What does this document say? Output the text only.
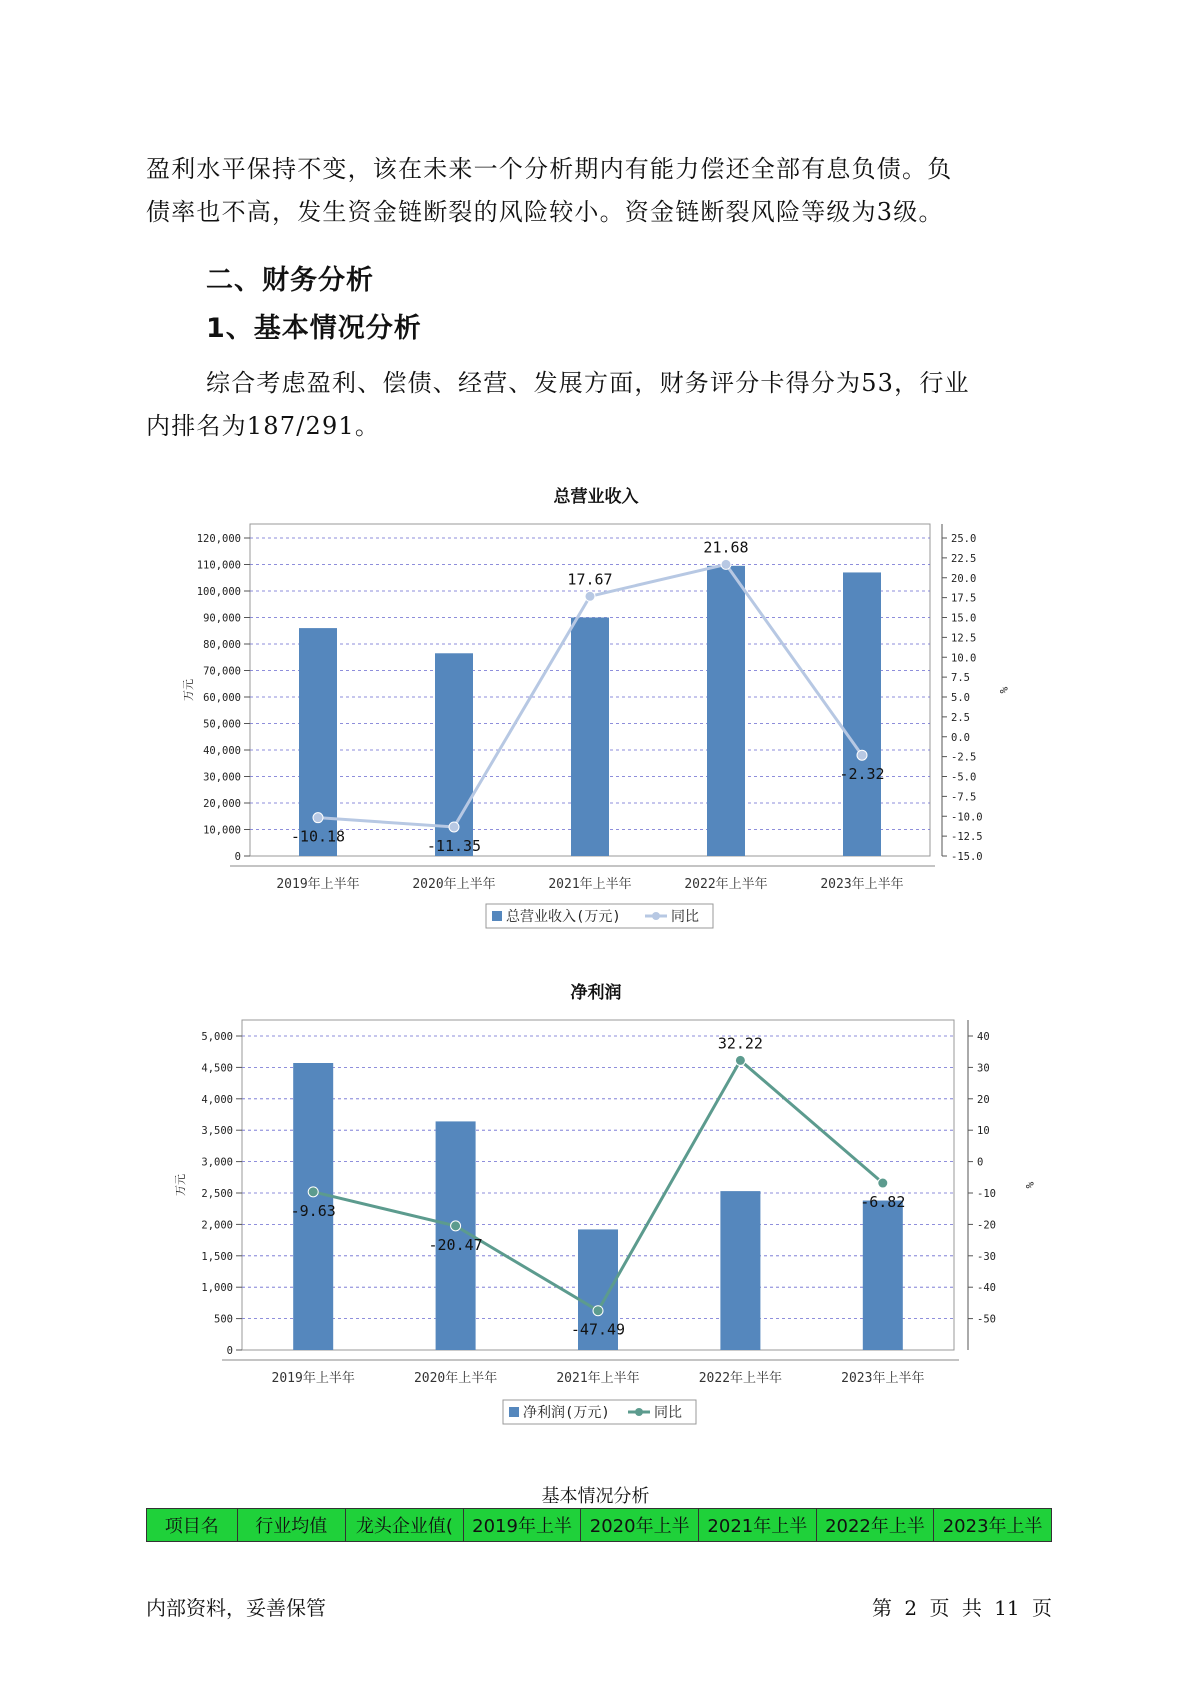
盈利水平保持不变，该在未来一个分析期内有能力偿还全部有息负债。负

债率也不高，发生资金链断裂的风险较小。资金链断裂风险等级为3级。

二、财务分析
1、基本情况分析

综合考虑盈利、偿债、经营、发展方面，财务评分卡得分为53，行业

内排名为187/291。

总营业收入
0
10,000
20,000
30,000
40,000
50,000
60,000
70,000
80,000
90,000
100,000
110,000
120,000
-15.0
-12.5
-10.0
-7.5
-5.0
-2.5
0.0
2.5
5.0
7.5
10.0
12.5
15.0
17.5
20.0
22.5
25.0
万元	%
2019年上半年	2020年上半年	2021年上半年	2022年上半年	2023年上半年
-10.18
-11.35
17.67
21.68
-2.32
总营业收入(万元)	同比
净利润
0
500
1,000
1,500
2,000
2,500
3,000
3,500
4,000
4,500
5,000
-50
-40
-30
-20
-10
0
10
20
30
40
万元	%
2019年上半年	2020年上半年	2021年上半年	2022年上半年	2023年上半年
-9.63
-20.47
-47.49
32.22
-6.82
净利润(万元)	同比
基本情况分析
项目名	行业均值	龙头企业值(	2019年上半	2020年上半	2021年上半	2022年上半	2023年上半
内部资料，妥善保管	第 2 页 共 11 页
